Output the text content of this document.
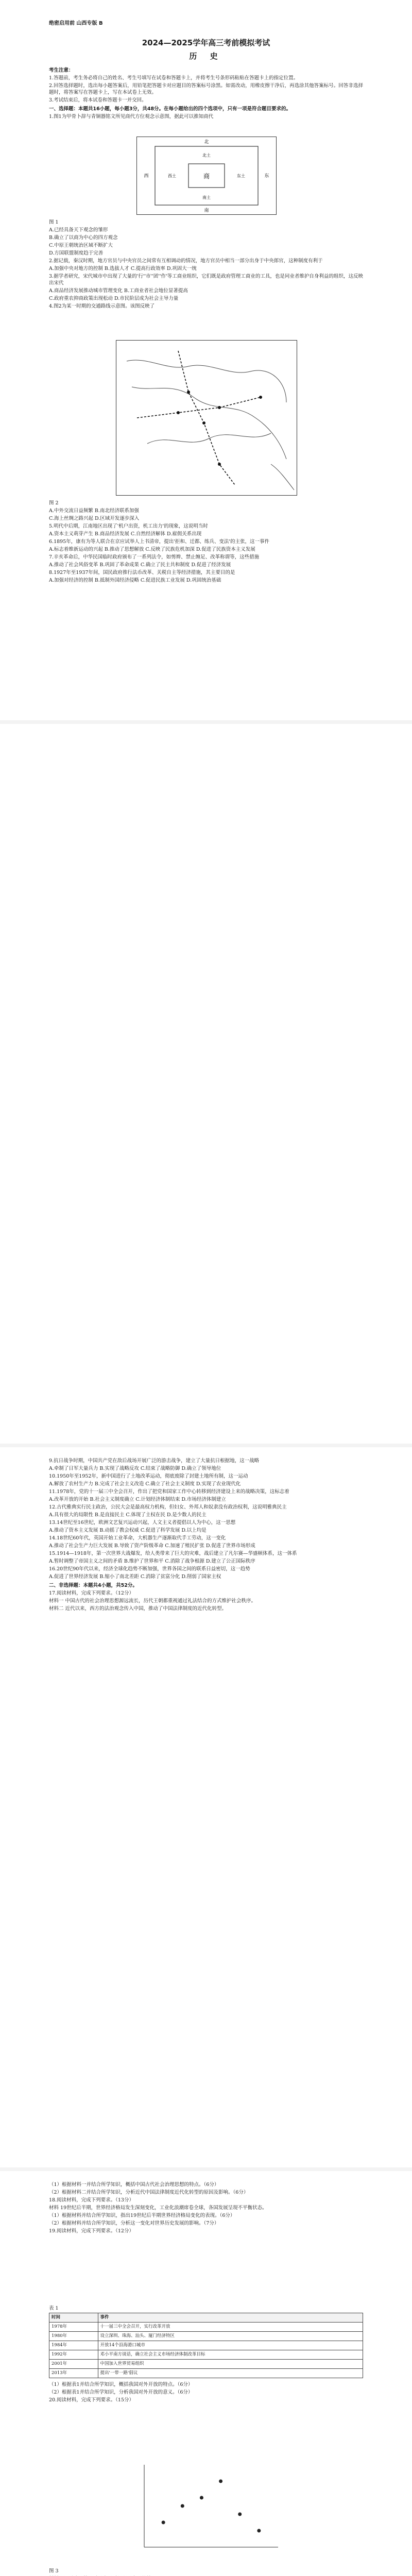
绝密启用前 山西专版 B
2024—2025学年高三考前模拟考试
历 史

考生注意：

1.答题前，考生务必将自己的姓名、考生号填写在试卷和答题卡上，并将考生号条形码粘贴在答题卡上的指定位置。

2.回答选择题时，选出每小题答案后，用铅笔把答题卡对应题目的答案标号涂黑。如需改动，用橡皮擦干净后，再选涂其他答案标号。回答非选择题时，将答案写在答题卡上，写在本试卷上无效。

3.考试结束后，将本试卷和答题卡一并交回。

一、选择题：本题共16小题，每小题3分，共48分。在每小题给出的四个选项中，只有一项是符合题目要求的。

1.图1为甲骨卜辞与青铜器铭文所见商代方位观念示意图，据此可以推知商代

商
北
南
西	东
北土
南土
西土	东土

图 1

A.已经具备天下观念的雏形

B.确立了以商为中心的四方观念

C.中原王朝统治区域不断扩大

D.方国联盟制度趋于完善

2.据记载，秦汉时期，地方官员与中央官员之间常有互相调动的情况，地方官员中相当一部分出身于中央郎官，这种制度有利于

A.加强中央对地方的控制 B.选拔人才 C.提高行政效率 D.巩固大一统

3.据学者研究，宋代城市中出现了大量的'行''市''团''作'等工商业组织，它们既是政府管理工商业的工具，也是同业者维护自身利益的组织，这反映出宋代

A.商品经济发展推动城市管理变化 B.工商业者社会地位显著提高

C.政府重农抑商政策出现松动 D.市民阶层成为社会主导力量

4.图2为某一时期的交通路线示意图。该图反映了

图 2

A.中外交流日益频繁 B.南北经济联系加强

C.海上丝绸之路兴起 D.区域开发逐步深入

5.明代中后期，江南地区出现了'机户出资，机工出力'的现象，这说明当时

A.资本主义萌芽产生 B.商品经济发展 C.自然经济解体 D.雇佣关系出现

6.1895年，康有为等人联合在京应试举人上书清帝，提出'拒和、迁都、练兵、变法'的主张，这一事件

A.标志着维新运动的兴起 B.推动了思想解放 C.反映了民族危机加深 D.促进了民族资本主义发展

7.辛亥革命后，中华民国临时政府颁布了一系列法令，如剪辫、禁止缠足、改革称谓等，这些措施

A.推动了社会风俗变革 B.巩固了革命成果 C.确立了民主共和制度 D.促进了经济发展

8.1927年至1937年间，国民政府推行法币改革、关税自主等经济措施，其主要目的是

A.加强对经济的控制 B.抵制外国经济侵略 C.促进民族工业发展 D.巩固统治基础

9.抗日战争时期，中国共产党在敌后战场开展广泛的游击战争，建立了大量抗日根据地，这一战略

A.牵制了日军大量兵力 B.实现了战略反攻 C.结束了战略防御 D.确立了领导地位

10.1950年至1952年，新中国进行了土地改革运动，彻底废除了封建土地所有制，这一运动

A.解放了农村生产力 B.完成了社会主义改造 C.确立了社会主义制度 D.实现了农业现代化

11.1978年，党的十一届三中全会召开，作出了把党和国家工作中心转移到经济建设上来的战略决策，这标志着

A.改革开放的开始 B.社会主义制度确立 C.计划经济体制结束 D.市场经济体制建立

12.古代雅典实行民主政治，公民大会是最高权力机构，但妇女、外邦人和奴隶没有政治权利，这说明雅典民主

A.具有很大的局限性 B.是直接民主 C.体现了主权在民 D.是少数人的民主

13.14世纪至16世纪，欧洲文艺复兴运动兴起，人文主义者提倡以人为中心，这一思想

A.推动了资本主义发展 B.动摇了教会权威 C.促进了科学发展 D.以上均是

14.18世纪60年代，英国开始工业革命，大机器生产逐渐取代手工劳动，这一变化

A.推动了社会生产力巨大发展 B.导致了资产阶级革命 C.加速了殖民扩张 D.促进了世界市场形成

15.1914—1918年，第一次世界大战爆发，给人类带来了巨大的灾难，战后建立了凡尔赛—华盛顿体系，这一体系

A.暂时调整了帝国主义之间的矛盾 B.维护了世界和平 C.消除了战争根源 D.建立了公正国际秩序

16.20世纪90年代以来，经济全球化趋势不断加强，世界各国之间的联系日益密切，这一趋势

A.促进了世界经济发展 B.缩小了南北差距 C.消除了贫富分化 D.削弱了国家主权

二、非选择题：本题共4小题，共52分。

17.阅读材料，完成下列要求。（12分）

材料一 中国古代的社会治理思想源远流长，历代王朝都重视通过礼法结合的方式维护社会秩序。

材料二 近代以来，西方的法治观念传入中国，推动了中国法律制度的近代化转型。

（1）根据材料一并结合所学知识，概括中国古代社会治理思想的特点。（6分）

（2）根据材料二并结合所学知识，分析近代中国法律制度近代化转型的原因及影响。（6分）

18.阅读材料，完成下列要求。（13分）

材料 19世纪后半期，世界经济格局发生深刻变化，工业化浪潮席卷全球，各国发展呈现不平衡状态。

（1）根据材料并结合所学知识，指出19世纪后半期世界经济格局变化的表现。（6分）

（2）根据材料并结合所学知识，分析这一变化对世界历史发展的影响。（7分）

19.阅读材料，完成下列要求。（12分）

表 1

时间	事件
1978年	十一届三中全会召开，实行改革开放
1980年	设立深圳、珠海、汕头、厦门经济特区
1984年	开放14个沿海港口城市
1992年	邓小平南方谈话，确立社会主义市场经济体制改革目标
2001年	中国加入世界贸易组织
2013年	提出'一带一路'倡议

（1）根据表1并结合所学知识，概括我国对外开放的特点。（6分）

（2）根据表1并结合所学知识，分析我国对外开放的意义。（6分）

20.阅读材料，完成下列要求。（15分）

图 3
